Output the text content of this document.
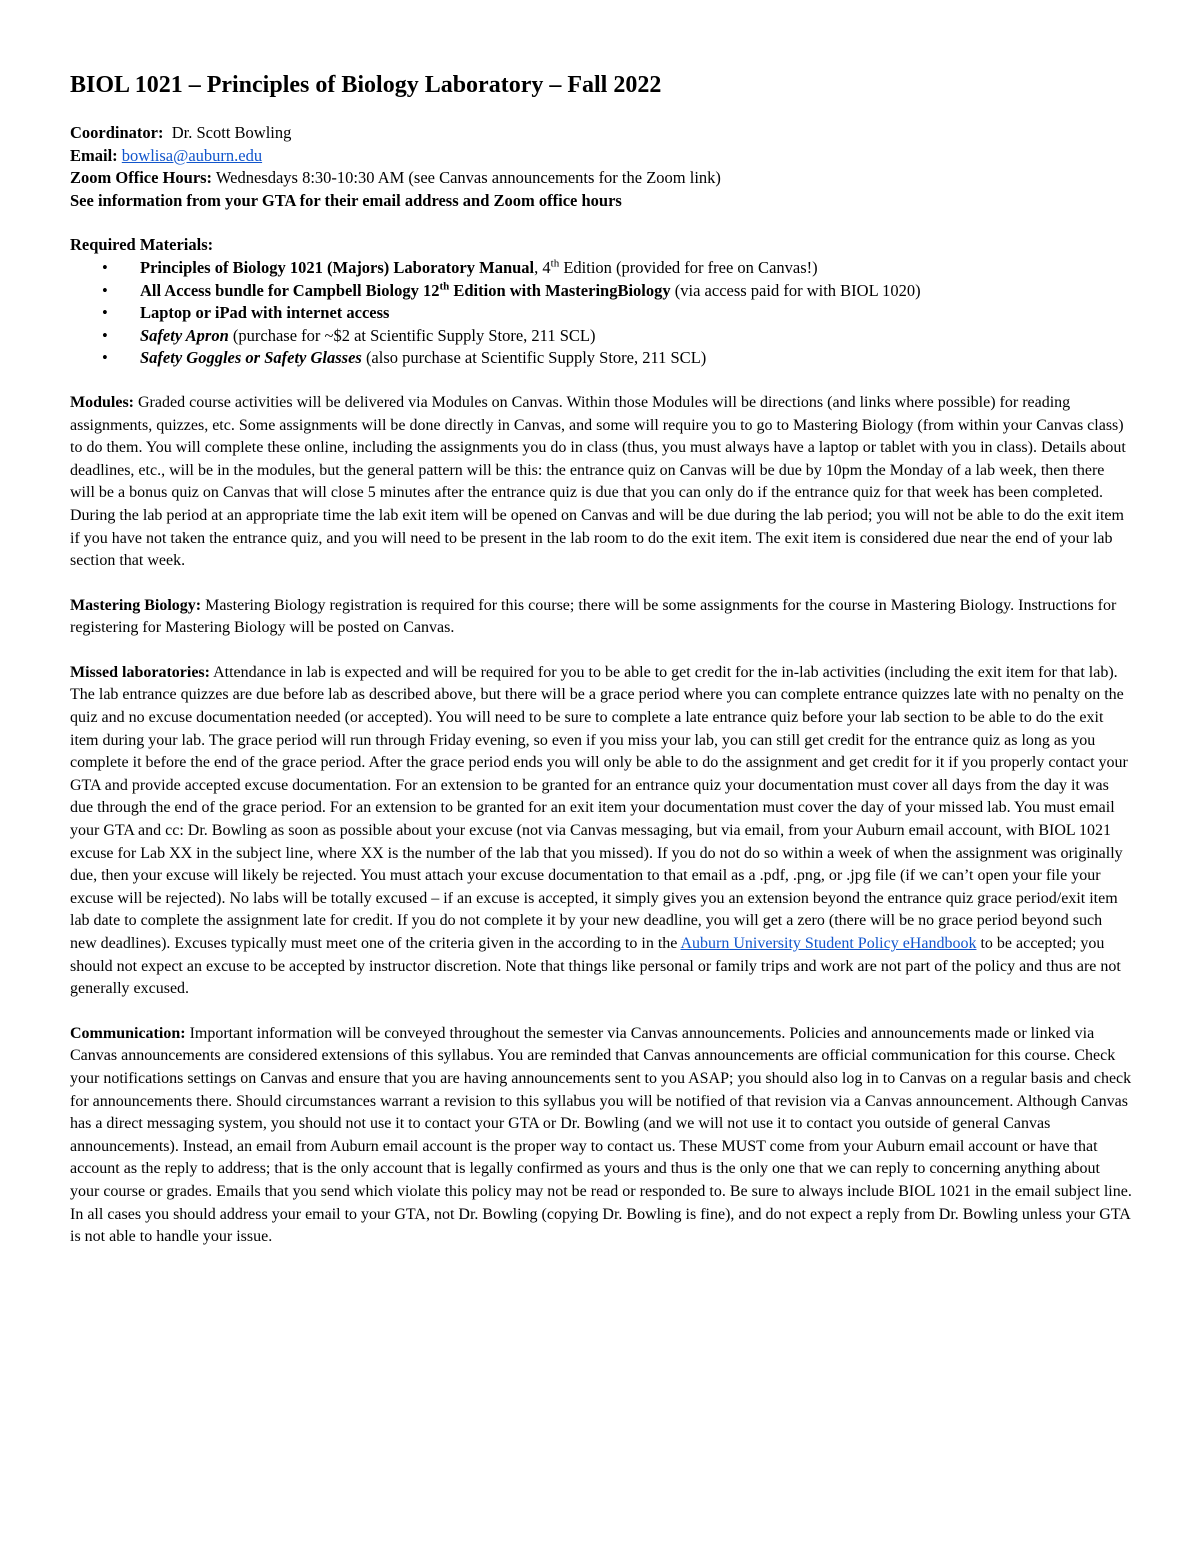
BIOL 1021 – Principles of Biology Laboratory – Fall 2022

Coordinator: Dr. Scott Bowling

Email: bowlisa@auburn.edu

Zoom Office Hours: Wednesdays 8:30-10:30 AM (see Canvas announcements for the Zoom link)

See information from your GTA for their email address and Zoom office hours

Required Materials:

• Principles of Biology 1021 (Majors) Laboratory Manual, 4th Edition (provided for free on Canvas!)
• All Access bundle for Campbell Biology 12th Edition with MasteringBiology (via access paid for with BIOL 1020)
• Laptop or iPad with internet access
• Safety Apron (purchase for ~$2 at Scientific Supply Store, 211 SCL)
• Safety Goggles or Safety Glasses (also purchase at Scientific Supply Store, 211 SCL)

Modules: Graded course activities will be delivered via Modules on Canvas. Within those Modules will be directions (and links where possible) for reading assignments, quizzes, etc. Some assignments will be done directly in Canvas, and some will require you to go to Mastering Biology (from within your Canvas class) to do them. You will complete these online, including the assignments you do in class (thus, you must always have a laptop or tablet with you in class). Details about deadlines, etc., will be in the modules, but the general pattern will be this: the entrance quiz on Canvas will be due by 10pm the Monday of a lab week, then there will be a bonus quiz on Canvas that will close 5 minutes after the entrance quiz is due that you can only do if the entrance quiz for that week has been completed. During the lab period at an appropriate time the lab exit item will be opened on Canvas and will be due during the lab period; you will not be able to do the exit item if you have not taken the entrance quiz, and you will need to be present in the lab room to do the exit item. The exit item is considered due near the end of your lab section that week.

Mastering Biology: Mastering Biology registration is required for this course; there will be some assignments for the course in Mastering Biology. Instructions for registering for Mastering Biology will be posted on Canvas.

Missed laboratories: Attendance in lab is expected and will be required for you to be able to get credit for the in-lab activities (including the exit item for that lab). The lab entrance quizzes are due before lab as described above, but there will be a grace period where you can complete entrance quizzes late with no penalty on the quiz and no excuse documentation needed (or accepted). You will need to be sure to complete a late entrance quiz before your lab section to be able to do the exit item during your lab. The grace period will run through Friday evening, so even if you miss your lab, you can still get credit for the entrance quiz as long as you complete it before the end of the grace period. After the grace period ends you will only be able to do the assignment and get credit for it if you properly contact your GTA and provide accepted excuse documentation. For an extension to be granted for an entrance quiz your documentation must cover all days from the day it was due through the end of the grace period. For an extension to be granted for an exit item your documentation must cover the day of your missed lab. You must email your GTA and cc: Dr. Bowling as soon as possible about your excuse (not via Canvas messaging, but via email, from your Auburn email account, with BIOL 1021 excuse for Lab XX in the subject line, where XX is the number of the lab that you missed). If you do not do so within a week of when the assignment was originally due, then your excuse will likely be rejected. You must attach your excuse documentation to that email as a .pdf, .png, or .jpg file (if we can’t open your file your excuse will be rejected). No labs will be totally excused – if an excuse is accepted, it simply gives you an extension beyond the entrance quiz grace period/exit item lab date to complete the assignment late for credit. If you do not complete it by your new deadline, you will get a zero (there will be no grace period beyond such new deadlines). Excuses typically must meet one of the criteria given in the according to in the Auburn University Student Policy eHandbook to be accepted; you should not expect an excuse to be accepted by instructor discretion. Note that things like personal or family trips and work are not part of the policy and thus are not generally excused.

Communication: Important information will be conveyed throughout the semester via Canvas announcements. Policies and announcements made or linked via Canvas announcements are considered extensions of this syllabus. You are reminded that Canvas announcements are official communication for this course. Check your notifications settings on Canvas and ensure that you are having announcements sent to you ASAP; you should also log in to Canvas on a regular basis and check for announcements there. Should circumstances warrant a revision to this syllabus you will be notified of that revision via a Canvas announcement. Although Canvas has a direct messaging system, you should not use it to contact your GTA or Dr. Bowling (and we will not use it to contact you outside of general Canvas announcements). Instead, an email from Auburn email account is the proper way to contact us. These MUST come from your Auburn email account or have that account as the reply to address; that is the only account that is legally confirmed as yours and thus is the only one that we can reply to concerning anything about your course or grades. Emails that you send which violate this policy may not be read or responded to. Be sure to always include BIOL 1021 in the email subject line. In all cases you should address your email to your GTA, not Dr. Bowling (copying Dr. Bowling is fine), and do not expect a reply from Dr. Bowling unless your GTA is not able to handle your issue.
